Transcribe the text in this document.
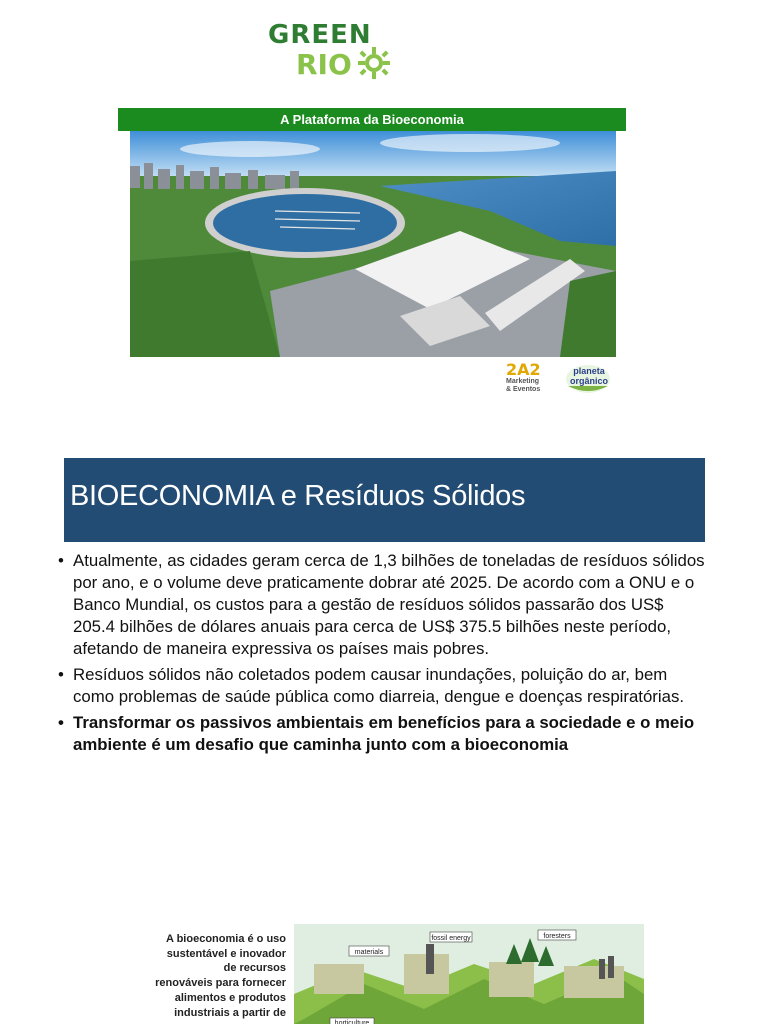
GREEN
RIO
A Plataforma da Bioeconomia
2A2
Marketing
& Eventos
planeta
orgânico
BIOECONOMIA e Resíduos Sólidos
• Atualmente, as cidades geram cerca de 1,3 bilhões de toneladas de resíduos sólidos por ano, e o volume deve praticamente dobrar até 2025. De acordo com a ONU e o Banco Mundial, os custos para a gestão de resíduos sólidos passarão dos US$ 205.4 bilhões de dólares anuais para cerca de US$ 375.5 bilhões neste período, afetando de maneira expressiva os países mais pobres.
• Resíduos sólidos não coletados podem causar inundações, poluição do ar, bem como problemas de saúde pública como diarreia, dengue e doenças respiratórias.
• Transformar os passivos ambientais em benefícios para a sociedade e o meio ambiente é um desafio que caminha junto com a bioeconomia
A bioeconomia é o uso
sustentável e inovador
de recursos
renováveis para fornecer
alimentos e produtos
industriais a partir de
materials
fossil energy	foresters
horticulture
